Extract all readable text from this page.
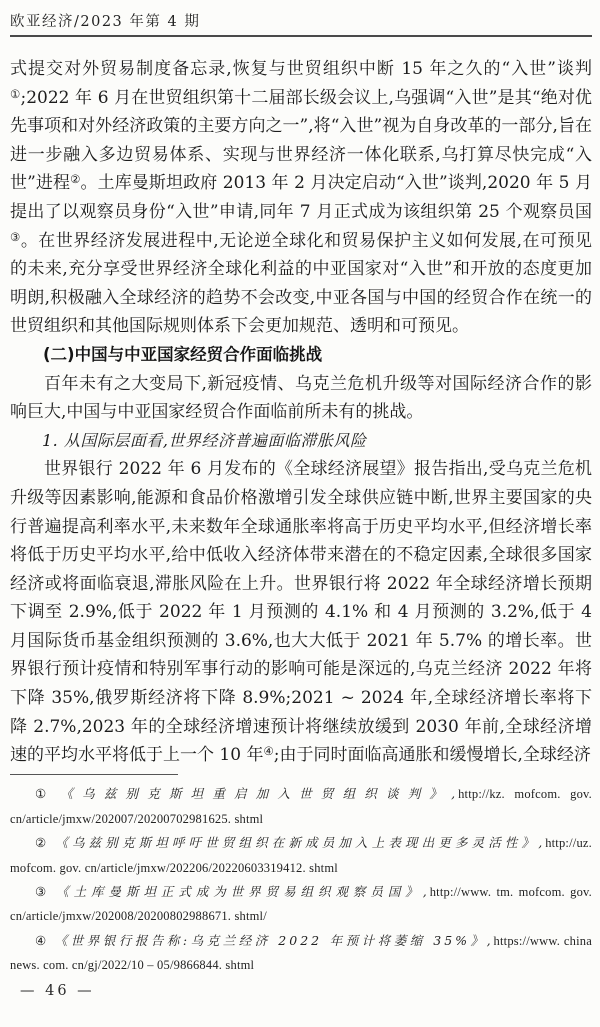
欧亚经济/2023 年第 4 期

式提交对外贸易制度备忘录,恢复与世贸组织中断 15 年之久的“入世”谈判①;2022 年 6 月在世贸组织第十二届部长级会议上,乌强调“入世”是其“绝对优先事项和对外经济政策的主要方向之一”,将“入世”视为自身改革的一部分,旨在进一步融入多边贸易体系、实现与世界经济一体化联系,乌打算尽快完成“入世”进程②。土库曼斯坦政府 2013 年 2 月决定启动“入世”谈判,2020 年 5 月提出了以观察员身份“入世”申请,同年 7 月正式成为该组织第 25 个观察员国③。在世界经济发展进程中,无论逆全球化和贸易保护主义如何发展,在可预见的未来,充分享受世界经济全球化利益的中亚国家对“入世”和开放的态度更加明朗,积极融入全球经济的趋势不会改变,中亚各国与中国的经贸合作在统一的世贸组织和其他国际规则体系下会更加规范、透明和可预见。

(二)中国与中亚国家经贸合作面临挑战

百年未有之大变局下,新冠疫情、乌克兰危机升级等对国际经济合作的影响巨大,中国与中亚国家经贸合作面临前所未有的挑战。

1. 从国际层面看,世界经济普遍面临滞胀风险

世界银行 2022 年 6 月发布的《全球经济展望》报告指出,受乌克兰危机升级等因素影响,能源和食品价格激增引发全球供应链中断,世界主要国家的央行普遍提高利率水平,未来数年全球通胀率将高于历史平均水平,但经济增长率将低于历史平均水平,给中低收入经济体带来潜在的不稳定因素,全球很多国家经济或将面临衰退,滞胀风险在上升。世界银行将 2022 年全球经济增长预期下调至 2.9%,低于 2022 年 1 月预测的 4.1% 和 4 月预测的 3.2%,低于 4 月国际货币基金组织预测的 3.6%,也大大低于 2021 年 5.7% 的增长率。世界银行预计疫情和特别军事行动的影响可能是深远的,乌克兰经济 2022 年将下降 35%,俄罗斯经济将下降 8.9%;2021 ~ 2024 年,全球经济增长率将下降 2.7%,2023 年的全球经济增速预计将继续放缓到 2030 年前,全球经济增速的平均水平将低于上一个 10 年④;由于同时面临高通胀和缓慢增长,全球经济

① 《乌兹别克斯坦重启加入世贸组织谈判》,http://kz. mofcom. gov. cn/article/jmxw/202007/20200702981625. shtml

② 《乌兹别克斯坦呼吁世贸组织在新成员加入上表现出更多灵活性》,http://uz. mofcom. gov. cn/article/jmxw/202206/20220603319412. shtml

③ 《土库曼斯坦正式成为世界贸易组织观察员国》,http://www. tm. mofcom. gov. cn/article/jmxw/202008/20200802988671. shtml/

④ 《世界银行报告称:乌克兰经济 2022 年预计将萎缩 35%》,https://www. china news. com. cn/gj/2022/10 – 05/9866844. shtml

— 46 —
